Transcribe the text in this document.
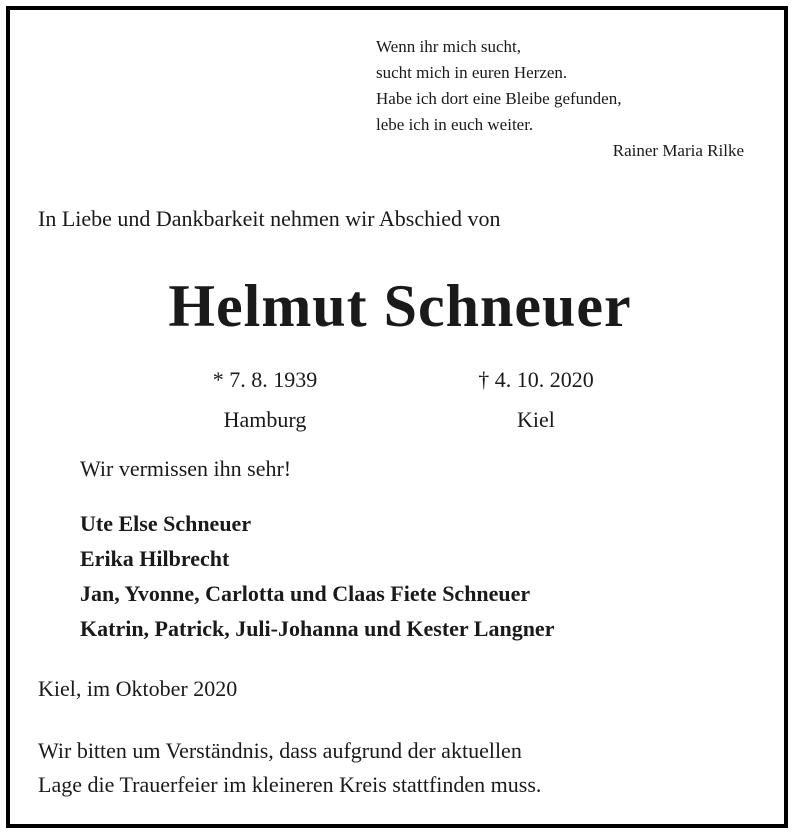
Wenn ihr mich sucht,
sucht mich in euren Herzen.
Habe ich dort eine Bleibe gefunden,
lebe ich in euch weiter.
Rainer Maria Rilke
In Liebe und Dankbarkeit nehmen wir Abschied von
Helmut Schneuer
* 7. 8. 1939
Hamburg
† 4. 10. 2020
Kiel
Wir vermissen ihn sehr!
Ute Else Schneuer
Erika Hilbrecht
Jan, Yvonne, Carlotta und Claas Fiete Schneuer
Katrin, Patrick, Juli-Johanna und Kester Langner
Kiel, im Oktober 2020
Wir bitten um Verständnis, dass aufgrund der aktuellen
Lage die Trauerfeier im kleineren Kreis stattfinden muss.
